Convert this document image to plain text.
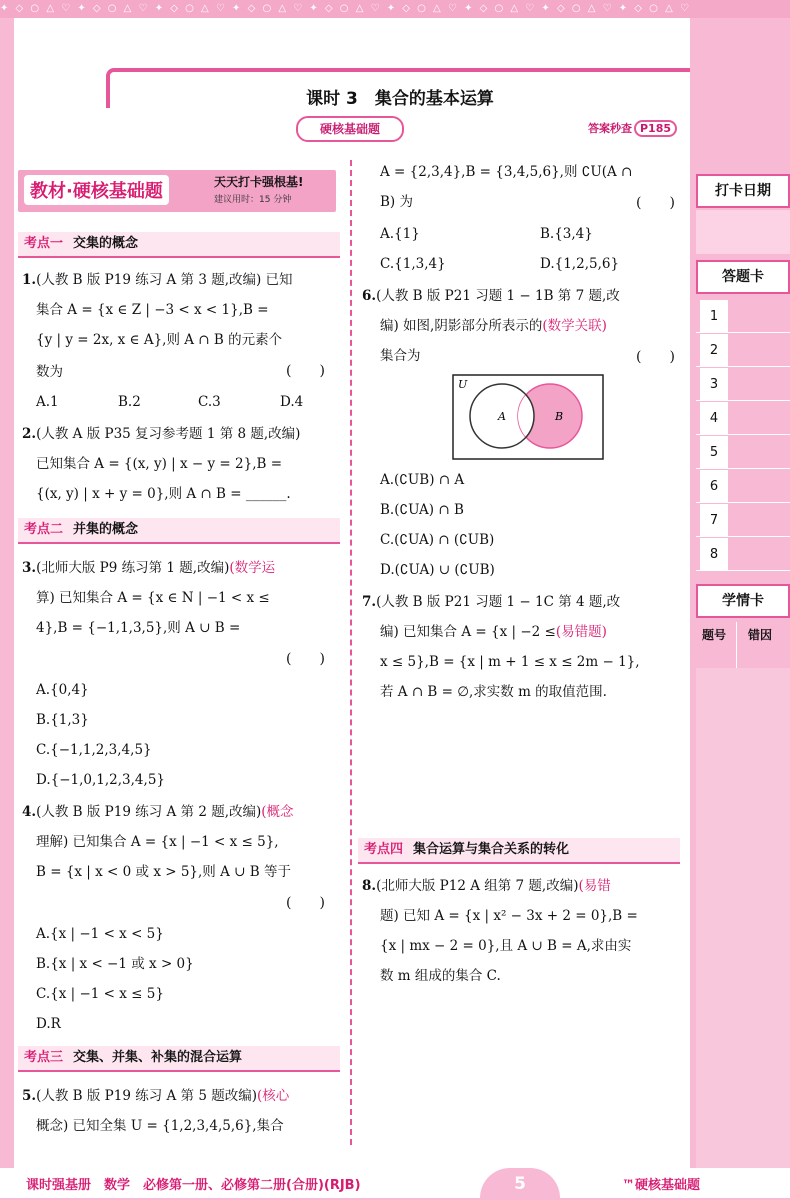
✦ ◇ ○ △ ♡ ✦ ◇ ○ △ ♡ ✦ ◇ ○ △ ♡ ✦ ◇ ○ △ ♡ ✦ ◇ ○ △ ♡ ✦ ◇ ○ △ ♡ ✦ ◇ ○ △ ♡ ✦ ◇ ○ △ ♡ ✦ ◇ ○ △ ♡
课时 3　集合的基本运算
硬核基础题	答案秒查 P185
教材·硬核基础题	天天打卡强根基!
建议用时：15 分钟
考点一 交集的概念
1.(人教 B 版 P19 练习 A 第 3 题,改编) 已知
集合 A = {x ∈ Z | −3 < x < 1},B =
{y | y = 2x, x ∈ A},则 A ∩ B 的元素个
数为	(　　)
A.1	B.2	C.3	D.4
2.(人教 A 版 P35 复习参考题 1 第 8 题,改编)
已知集合 A = {(x, y) | x − y = 2},B =
{(x, y) | x + y = 0},则 A ∩ B = ______.
考点二 并集的概念
3.(北师大版 P9 练习第 1 题,改编)(数学运
算) 已知集合 A = {x ∈ N | −1 < x ≤
4},B = {−1,1,3,5},则 A ∪ B =
(　　)
A.{0,4}
B.{1,3}
C.{−1,1,2,3,4,5}
D.{−1,0,1,2,3,4,5}
4.(人教 B 版 P19 练习 A 第 2 题,改编)(概念
理解) 已知集合 A = {x | −1 < x ≤ 5},
B = {x | x < 0 或 x > 5},则 A ∪ B 等于
(　　)
A.{x | −1 < x < 5}
B.{x | x < −1 或 x > 0}
C.{x | −1 < x ≤ 5}
D.R
考点三 交集、并集、补集的混合运算
5.(人教 B 版 P19 练习 A 第 5 题改编)(核心
概念) 已知全集 U = {1,2,3,4,5,6},集合
A = {2,3,4},B = {3,4,5,6},则 ∁U(A ∩
B) 为	(　　)
A.{1}	B.{3,4}
C.{1,3,4}	D.{1,2,5,6}
6.(人教 B 版 P21 习题 1 − 1B 第 7 题,改
编) 如图,阴影部分所表示的(数学关联)
集合为	(　　)
U
A	B
A.(∁UB) ∩ A
B.(∁UA) ∩ B
C.(∁UA) ∩ (∁UB)
D.(∁UA) ∪ (∁UB)
7.(人教 B 版 P21 习题 1 − 1C 第 4 题,改
编) 已知集合 A = {x | −2 ≤(易错题)
x ≤ 5},B = {x | m + 1 ≤ x ≤ 2m − 1},
若 A ∩ B = ∅,求实数 m 的取值范围.
考点四 集合运算与集合关系的转化
8.(北师大版 P12 A 组第 7 题,改编)(易错
题) 已知 A = {x | x² − 3x + 2 = 0},B =
{x | mx − 2 = 0},且 A ∪ B = A,求由实
数 m 组成的集合 C.
打卡日期
答题卡
1
2
3
4
5
6
7
8
学情卡
题号 错因
课时强基册　数学　必修第一册、必修第二册(合册)(RJB)	5	™硬核基础题
